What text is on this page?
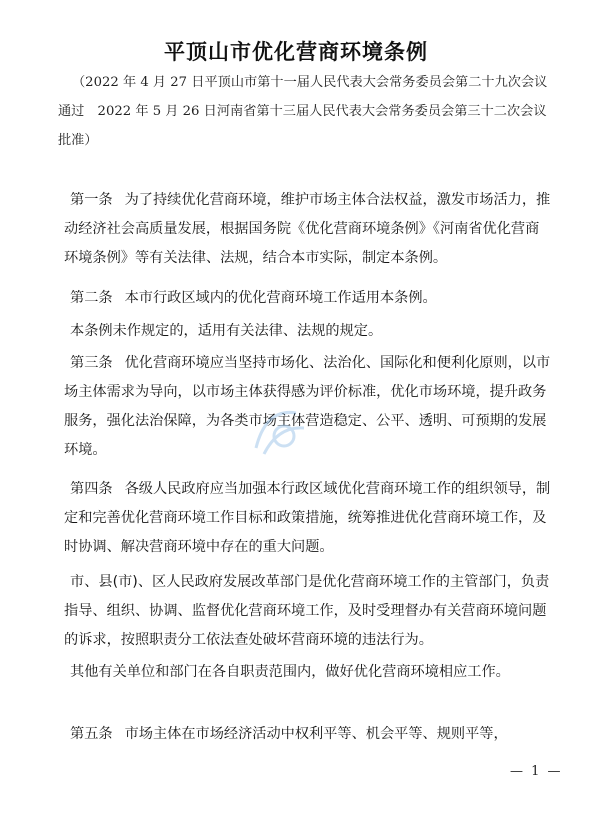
平顶山市优化营商环境条例
（2022 年 4 月 27 日平顶山市第十一届人民代表大会常务委员会第二十九次会议通过　2022 年 5 月 26 日河南省第十三届人民代表大会常务委员会第三十二次会议批准）
第一条 为了持续优化营商环境，维护市场主体合法权益，激发市场活力，推动经济社会高质量发展，根据国务院《优化营商环境条例》《河南省优化营商环境条例》等有关法律、法规，结合本市实际，制定本条例。
第二条 本市行政区域内的优化营商环境工作适用本条例。
本条例未作规定的，适用有关法律、法规的规定。
第三条 优化营商环境应当坚持市场化、法治化、国际化和便利化原则，以市场主体需求为导向，以市场主体获得感为评价标准，优化市场环境，提升政务服务，强化法治保障，为各类市场主体营造稳定、公平、透明、可预期的发展环境。
第四条 各级人民政府应当加强本行政区域优化营商环境工作的组织领导，制定和完善优化营商环境工作目标和政策措施，统筹推进优化营商环境工作，及时协调、解决营商环境中存在的重大问题。
市、县(市)、区人民政府发展改革部门是优化营商环境工作的主管部门，负责指导、组织、协调、监督优化营商环境工作，及时受理督办有关营商环境问题的诉求，按照职责分工依法查处破坏营商环境的违法行为。
其他有关单位和部门在各自职责范围内，做好优化营商环境相应工作。
第五条 市场主体在市场经济活动中权利平等、机会平等、规则平等，
— 1 —
